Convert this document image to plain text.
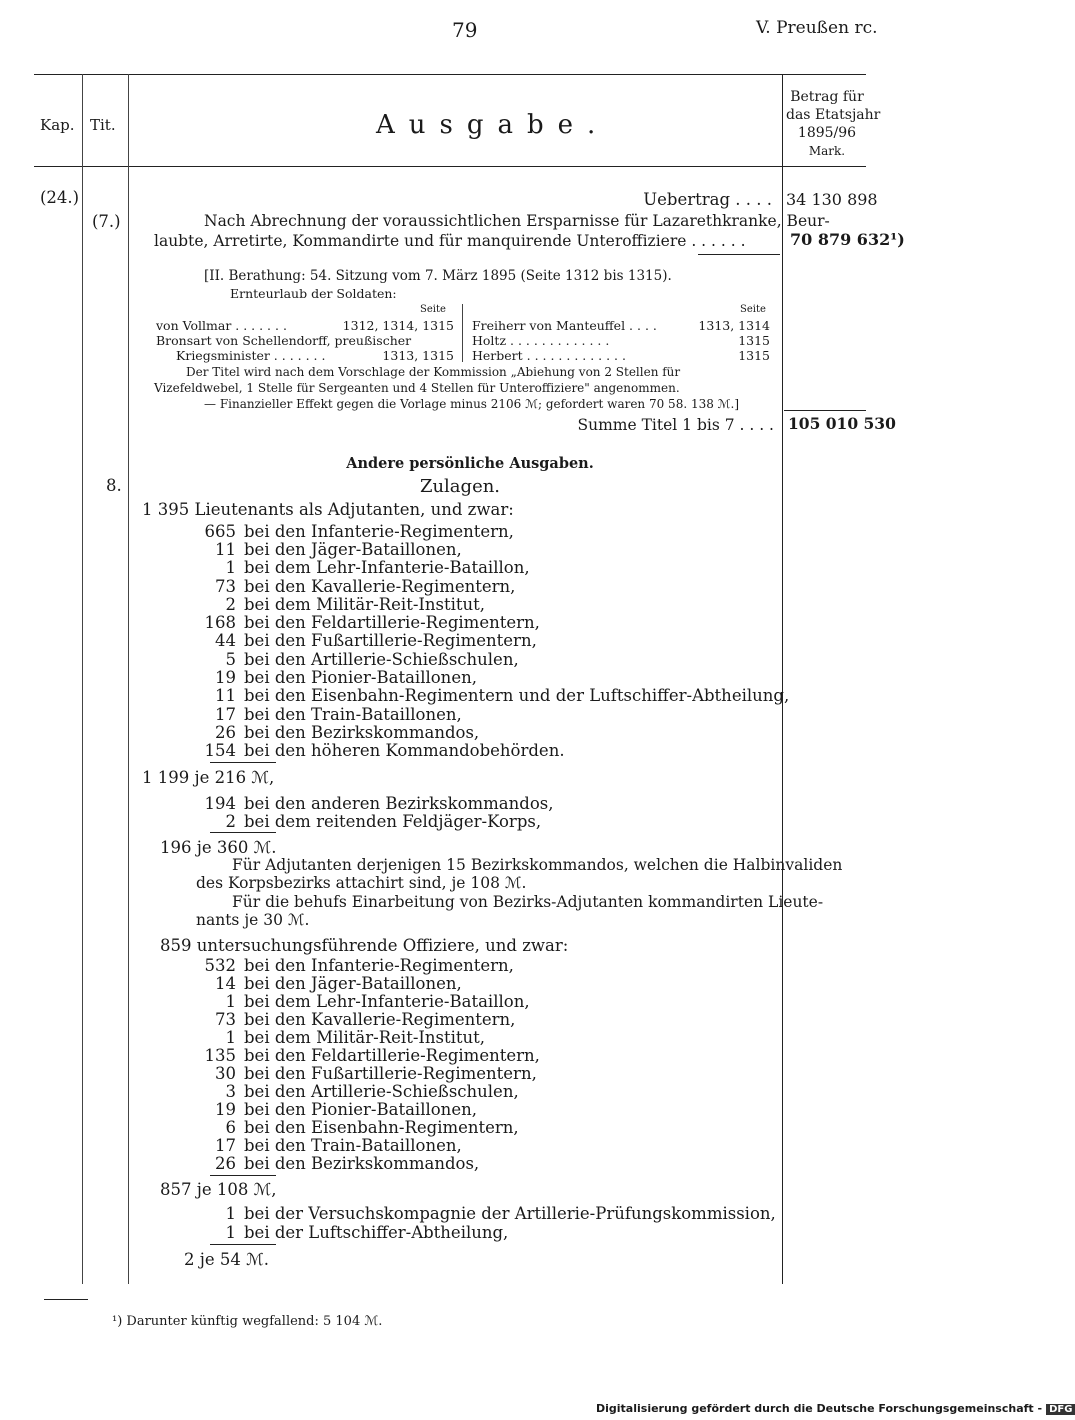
79	V. Preußen rc.
Kap. Tit.	Ausgabe.
Betrag für
das Etatsjahr
1895/96
Mark.
(24.)
(7.)
Uebertrag . . . . 34 130 898
Nach Abrechnung der voraussichtlichen Ersparnisse für Lazarethkranke, Beur-
laubte, Arretirte, Kommandirte und für manquirende Unteroffiziere . . . . . .	70 879 632¹)
[II. Berathung: 54. Sitzung vom 7. März 1895 (Seite 1312 bis 1315).
Ernteurlaub der Soldaten:
Seite	Seite
von Vollmar . . . . . . .	1312, 1314, 1315
Bronsart von Schellendorff, preußischer
Kriegsminister . . . . . . .	1313, 1315
Freiherr von Manteuffel . . . .	1313, 1314
Holtz . . . . . . . . . . . . .	1315
Herbert . . . . . . . . . . . . .	1315
Der Titel wird nach dem Vorschlage der Kommission „Abiehung von 2 Stellen für
Vizefeldwebel, 1 Stelle für Sergeanten und 4 Stellen für Unteroffiziere" angenommen.
— Finanzieller Effekt gegen die Vorlage minus 2106 ℳ; gefordert waren 70 58. 138 ℳ.]
Summe Titel 1 bis 7 . . . . 105 010 530
Andere persönliche Ausgaben.
8.	Zulagen.
1 395 Lieutenants als Adjutanten, und zwar:
665 bei den Infanterie-Regimentern,
11 bei den Jäger-Bataillonen,
1 bei dem Lehr-Infanterie-Bataillon,
73 bei den Kavallerie-Regimentern,
2 bei dem Militär-Reit-Institut,
168 bei den Feldartillerie-Regimentern,
44 bei den Fußartillerie-Regimentern,
5 bei den Artillerie-Schießschulen,
19 bei den Pionier-Bataillonen,
11 bei den Eisenbahn-Regimentern und der Luftschiffer-Abtheilung,
17 bei den Train-Bataillonen,
26 bei den Bezirkskommandos,
154 bei den höheren Kommandobehörden.
1 199 je 216 ℳ,
194 bei den anderen Bezirkskommandos,
2 bei dem reitenden Feldjäger-Korps,
196 je 360 ℳ.
Für Adjutanten derjenigen 15 Bezirkskommandos, welchen die Halbinvaliden
des Korpsbezirks attachirt sind, je 108 ℳ.
Für die behufs Einarbeitung von Bezirks-Adjutanten kommandirten Lieute-
nants je 30 ℳ.
859 untersuchungsführende Offiziere, und zwar:
532 bei den Infanterie-Regimentern,
14 bei den Jäger-Bataillonen,
1 bei dem Lehr-Infanterie-Bataillon,
73 bei den Kavallerie-Regimentern,
1 bei dem Militär-Reit-Institut,
135 bei den Feldartillerie-Regimentern,
30 bei den Fußartillerie-Regimentern,
3 bei den Artillerie-Schießschulen,
19 bei den Pionier-Bataillonen,
6 bei den Eisenbahn-Regimentern,
17 bei den Train-Bataillonen,
26 bei den Bezirkskommandos,
857 je 108 ℳ,
1 bei der Versuchskompagnie der Artillerie-Prüfungskommission,
1 bei der Luftschiffer-Abtheilung,
2 je 54 ℳ.
¹) Darunter künftig wegfallend: 5 104 ℳ.
Digitalisierung gefördert durch die Deutsche Forschungsgemeinschaft - DFG
